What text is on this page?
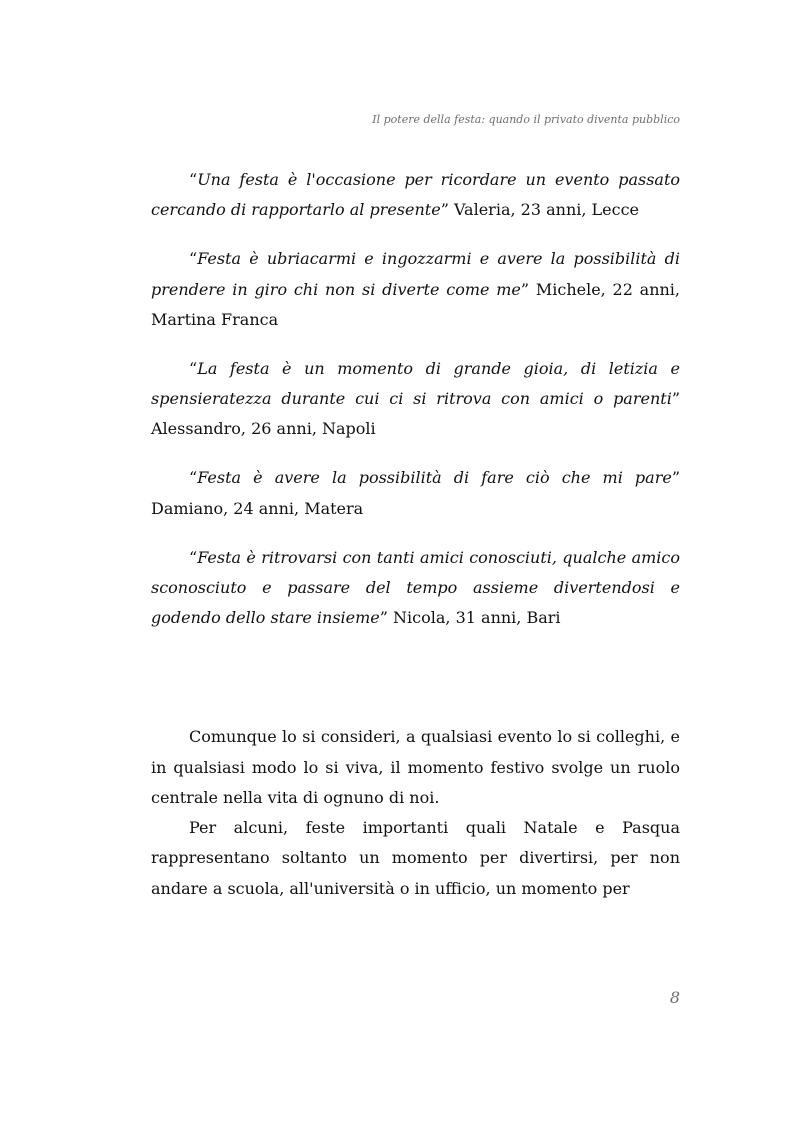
Il potere della festa: quando il privato diventa pubblico

“Una festa è l'occasione per ricordare un evento passato cercando di rapportarlo al presente” Valeria, 23 anni, Lecce

“Festa è ubriacarmi e ingozzarmi e avere la possibilità di prendere in giro chi non si diverte come me” Michele, 22 anni, Martina Franca

“La festa è un momento di grande gioia, di letizia e spensieratezza durante cui ci si ritrova con amici o parenti” Alessandro, 26 anni, Napoli

“Festa è avere la possibilità di fare ciò che mi pare” Damiano, 24 anni, Matera

“Festa è ritrovarsi con tanti amici conosciuti, qualche amico sconosciuto e passare del tempo assieme divertendosi e godendo dello stare insieme” Nicola, 31 anni, Bari

Comunque lo si consideri, a qualsiasi evento lo si colleghi, e in qualsiasi modo lo si viva, il momento festivo svolge un ruolo centrale nella vita di ognuno di noi.

Per alcuni, feste importanti quali Natale e Pasqua rappresentano soltanto un momento per divertirsi, per non andare a scuola, all'università o in ufficio, un momento per

8
